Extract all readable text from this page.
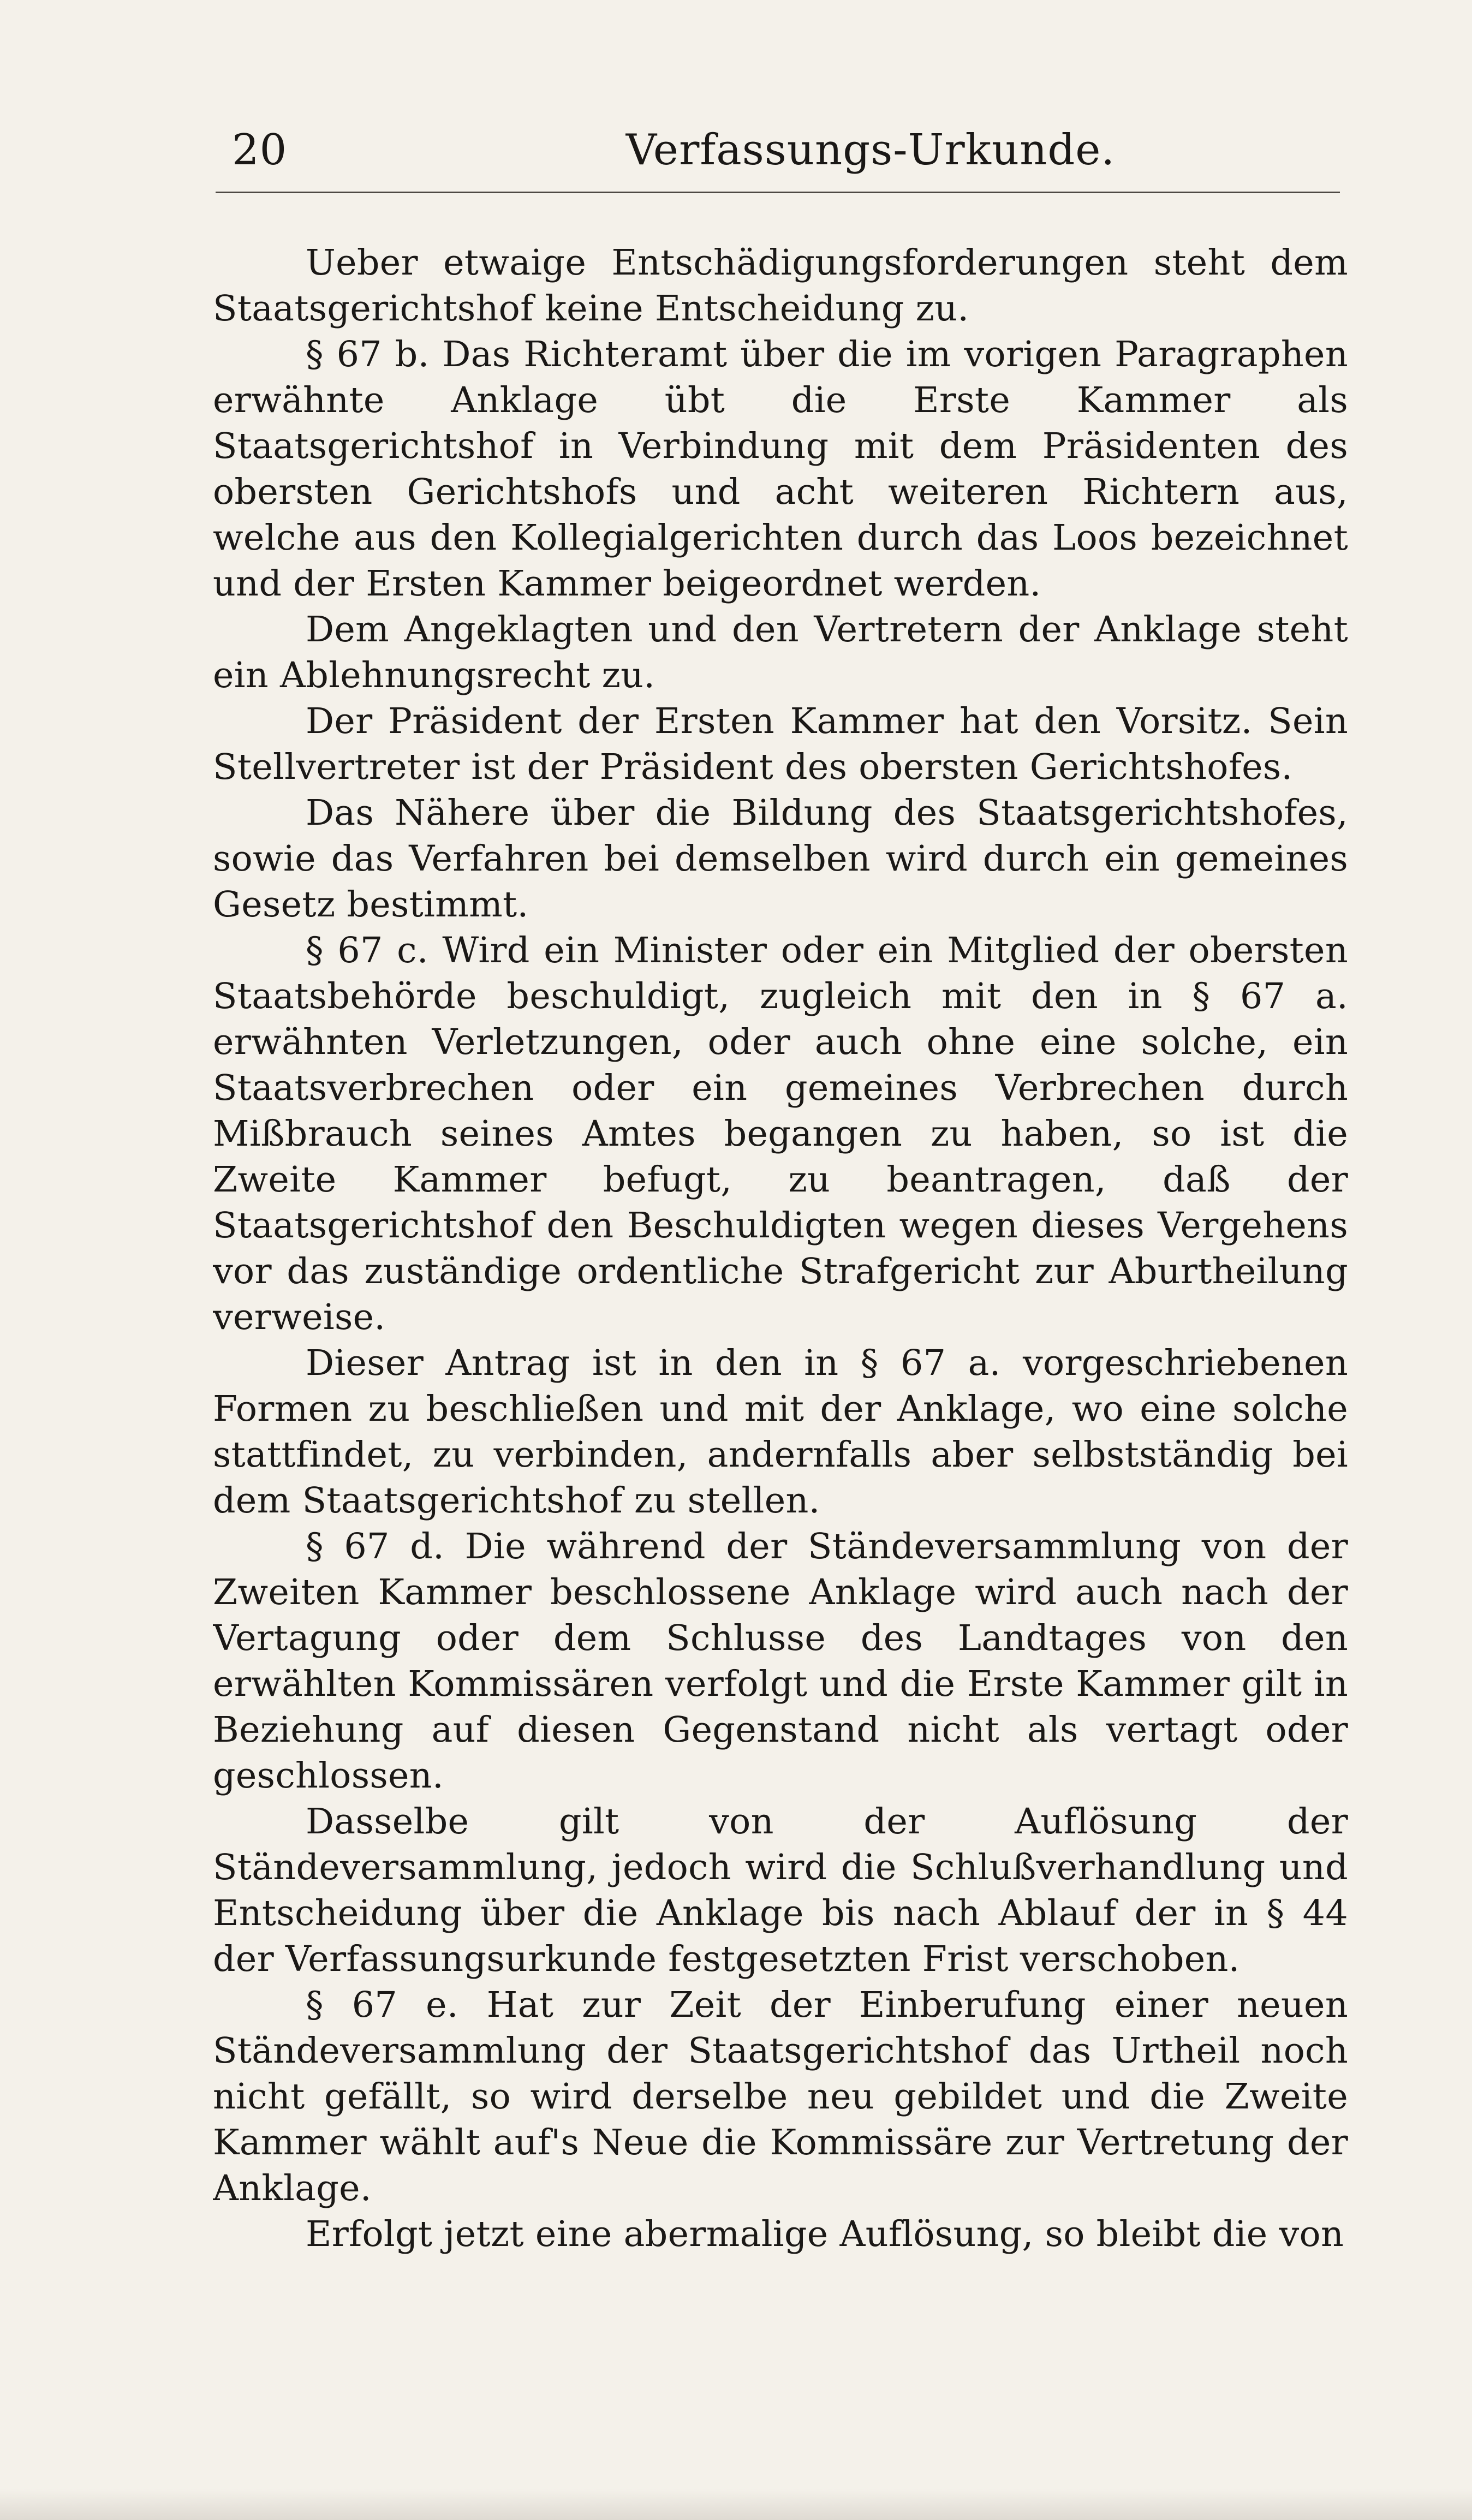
20	Verfassungs-Urkunde.

Ueber etwaige Entschädigungsforderungen steht dem Staatsgerichtshof keine Entscheidung zu.

§ 67 b. Das Richteramt über die im vorigen Paragraphen erwähnte Anklage übt die Erste Kammer als Staatsgerichtshof in Verbindung mit dem Präsidenten des obersten Gerichtshofs und acht weiteren Richtern aus, welche aus den Kollegialgerichten durch das Loos bezeichnet und der Ersten Kammer beigeordnet werden.

Dem Angeklagten und den Vertretern der Anklage steht ein Ablehnungsrecht zu.

Der Präsident der Ersten Kammer hat den Vorsitz. Sein Stellvertreter ist der Präsident des obersten Gerichtshofes.

Das Nähere über die Bildung des Staatsgerichtshofes, sowie das Verfahren bei demselben wird durch ein gemeines Gesetz bestimmt.

§ 67 c. Wird ein Minister oder ein Mitglied der obersten Staatsbehörde beschuldigt, zugleich mit den in § 67 a. erwähnten Verletzungen, oder auch ohne eine solche, ein Staatsverbrechen oder ein gemeines Verbrechen durch Mißbrauch seines Amtes begangen zu haben, so ist die Zweite Kammer befugt, zu beantragen, daß der Staatsgerichtshof den Beschuldigten wegen dieses Vergehens vor das zuständige ordentliche Strafgericht zur Aburtheilung verweise.

Dieser Antrag ist in den in § 67 a. vorgeschriebenen Formen zu beschließen und mit der Anklage, wo eine solche stattfindet, zu verbinden, andernfalls aber selbstständig bei dem Staatsgerichtshof zu stellen.

§ 67 d. Die während der Ständeversammlung von der Zweiten Kammer beschlossene Anklage wird auch nach der Vertagung oder dem Schlusse des Landtages von den erwählten Kommissären verfolgt und die Erste Kammer gilt in Beziehung auf diesen Gegenstand nicht als vertagt oder geschlossen.

Dasselbe gilt von der Auflösung der Ständeversammlung, jedoch wird die Schlußverhandlung und Entscheidung über die Anklage bis nach Ablauf der in § 44 der Verfassungsurkunde festgesetzten Frist verschoben.

§ 67 e. Hat zur Zeit der Einberufung einer neuen Ständeversammlung der Staatsgerichtshof das Urtheil noch nicht gefällt, so wird derselbe neu gebildet und die Zweite Kammer wählt auf's Neue die Kommissäre zur Vertretung der Anklage.

Erfolgt jetzt eine abermalige Auflösung, so bleibt die von
